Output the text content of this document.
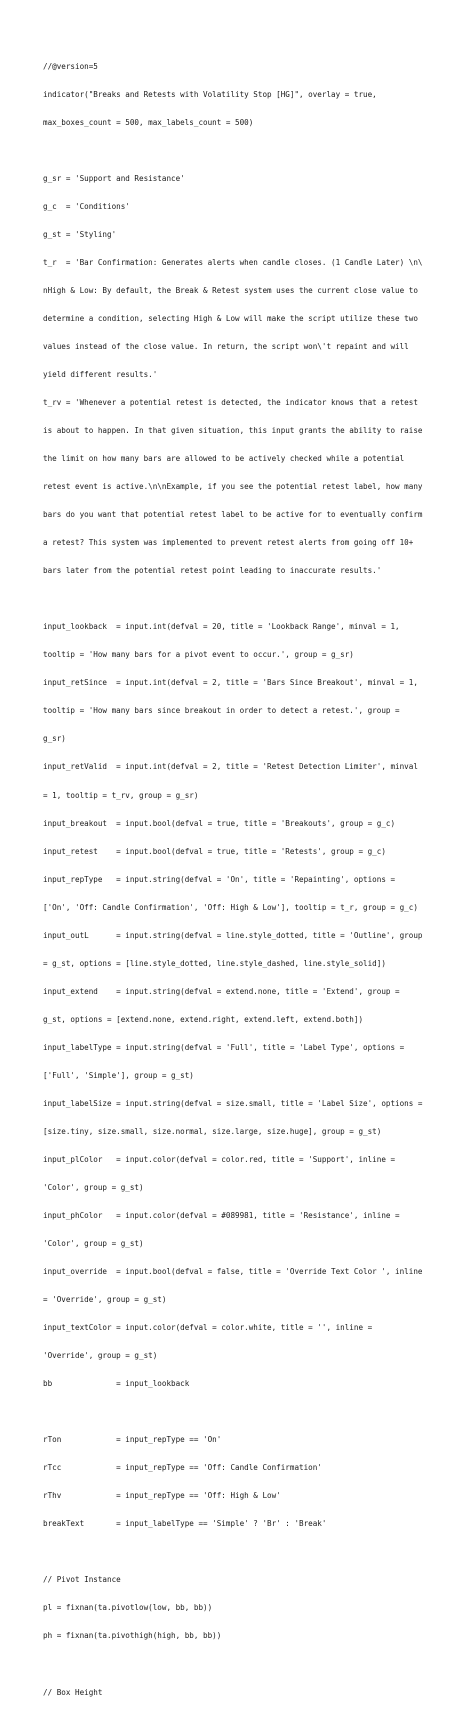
//@version=5

indicator("Breaks and Retests with Volatility Stop [HG]", overlay = true,

max_boxes_count = 500, max_labels_count = 500)

g_sr = 'Support and Resistance'

g_c  = 'Conditions'

g_st = 'Styling'

t_r  = 'Bar Confirmation: Generates alerts when candle closes. (1 Candle Later) \n\

nHigh & Low: By default, the Break & Retest system uses the current close value to

determine a condition, selecting High & Low will make the script utilize these two

values instead of the close value. In return, the script won\'t repaint and will

yield different results.'

t_rv = 'Whenever a potential retest is detected, the indicator knows that a retest

is about to happen. In that given situation, this input grants the ability to raise

the limit on how many bars are allowed to be actively checked while a potential

retest event is active.\n\nExample, if you see the potential retest label, how many

bars do you want that potential retest label to be active for to eventually confirm

a retest? This system was implemented to prevent retest alerts from going off 10+

bars later from the potential retest point leading to inaccurate results.'

input_lookback  = input.int(defval = 20, title = 'Lookback Range', minval = 1,

tooltip = 'How many bars for a pivot event to occur.', group = g_sr)

input_retSince  = input.int(defval = 2, title = 'Bars Since Breakout', minval = 1,

tooltip = 'How many bars since breakout in order to detect a retest.', group =

g_sr)

input_retValid  = input.int(defval = 2, title = 'Retest Detection Limiter', minval

= 1, tooltip = t_rv, group = g_sr)

input_breakout  = input.bool(defval = true, title = 'Breakouts', group = g_c)

input_retest    = input.bool(defval = true, title = 'Retests', group = g_c)

input_repType   = input.string(defval = 'On', title = 'Repainting', options =

['On', 'Off: Candle Confirmation', 'Off: High & Low'], tooltip = t_r, group = g_c)

input_outL      = input.string(defval = line.style_dotted, title = 'Outline', group

= g_st, options = [line.style_dotted, line.style_dashed, line.style_solid])

input_extend    = input.string(defval = extend.none, title = 'Extend', group =

g_st, options = [extend.none, extend.right, extend.left, extend.both])

input_labelType = input.string(defval = 'Full', title = 'Label Type', options =

['Full', 'Simple'], group = g_st)

input_labelSize = input.string(defval = size.small, title = 'Label Size', options =

[size.tiny, size.small, size.normal, size.large, size.huge], group = g_st)

input_plColor   = input.color(defval = color.red, title = 'Support', inline =

'Color', group = g_st)

input_phColor   = input.color(defval = #089981, title = 'Resistance', inline =

'Color', group = g_st)

input_override  = input.bool(defval = false, title = 'Override Text Color ', inline

= 'Override', group = g_st)

input_textColor = input.color(defval = color.white, title = '', inline =

'Override', group = g_st)

bb              = input_lookback

rTon            = input_repType == 'On'

rTcc            = input_repType == 'Off: Candle Confirmation'

rThv            = input_repType == 'Off: High & Low'

breakText       = input_labelType == 'Simple' ? 'Br' : 'Break'

// Pivot Instance

pl = fixnan(ta.pivotlow(low, bb, bb))

ph = fixnan(ta.pivothigh(high, bb, bb))

// Box Height
